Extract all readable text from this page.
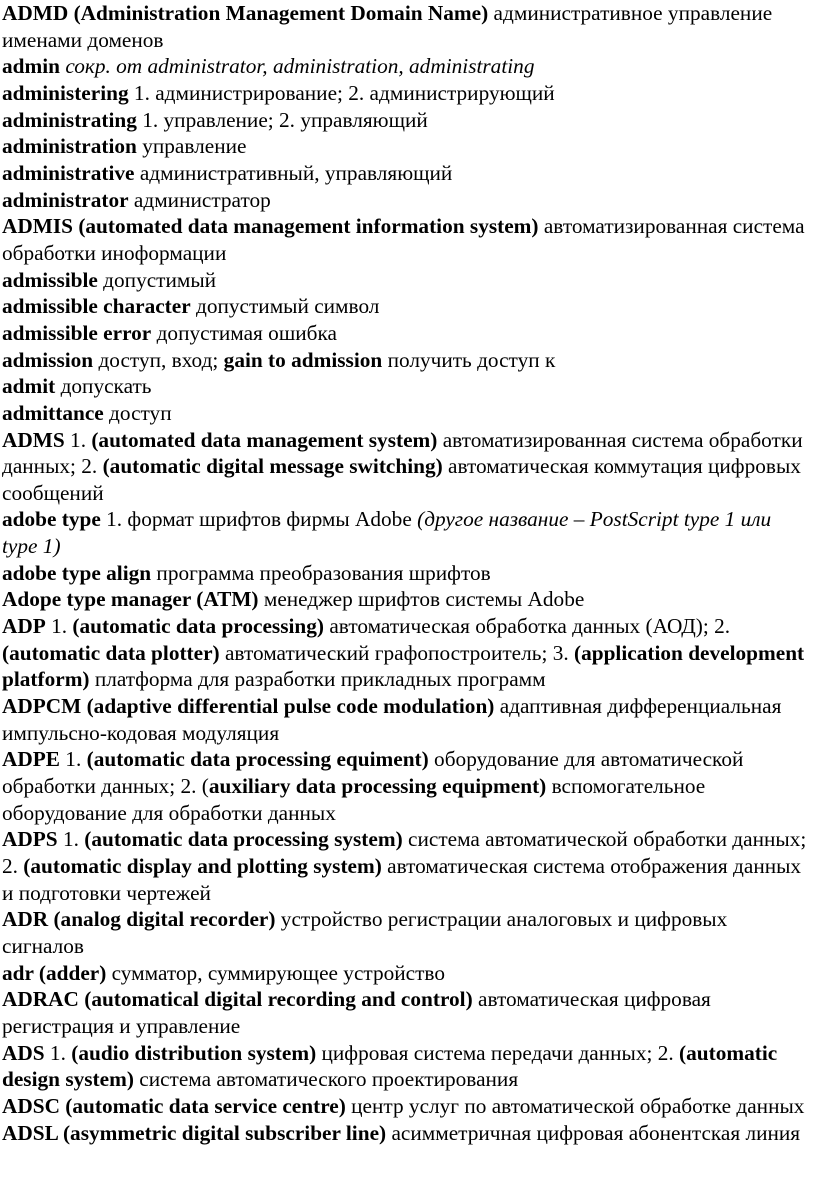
ADMD (Administration Management Domain Name) административное управление именами доменов

admin сокр. от administrator, administration, administrating

administering 1. администрирование; 2. администрирующий

administrating 1. управление; 2. управляющий

administration управление

administrative административный, управляющий

administrator администратор

ADMIS (automated data management information system) автоматизированная система обработки иноформации

admissible допустимый

admissible character допустимый символ

admissible error допустимая ошибка

admission доступ, вход; gain to admission получить доступ к

admit допускать

admittance доступ

ADMS 1. (automated data management system) автоматизированная система обработки данных; 2. (automatic digital message switching) автоматическая коммутация цифровых сообщений

adobe type 1. формат шрифтов фирмы Adobe (другое название – PostScript type 1 или type 1)

adobe type align программа преобразования шрифтов

Adope type manager (ATM) менеджер шрифтов системы Adobe

ADP 1. (automatic data processing) автоматическая обработка данных (АОД); 2. (automatic data plotter) автоматический графопостроитель; 3. (application development platform) платформа для разработки прикладных программ

ADPCM (adaptive differential pulse code modulation) адаптивная дифференциальная импульсно-кодовая модуляция

ADPE 1. (automatic data processing equiment) оборудование для автоматической обработки данных; 2. (auxiliary data processing equipment) вспомогательное оборудование для обработки данных

ADPS 1. (automatic data processing system) система автоматической обработки данных; 2. (automatic display and plotting system) автоматическая система отображения данных и подготовки чертежей

ADR (analog digital recorder) устройство регистрации аналоговых и цифровых сигналов

adr (adder) сумматор, суммирующее устройство

ADRAC (automatical digital recording and control) автоматическая цифровая регистрация и управление

ADS 1. (audio distribution system) цифровая система передачи данных; 2. (automatic design system) система автоматического проектирования

ADSC (automatic data service centre) центр услуг по автоматической обработке данных

ADSL (asymmetric digital subscriber line) асимметричная цифровая абонентская линия
